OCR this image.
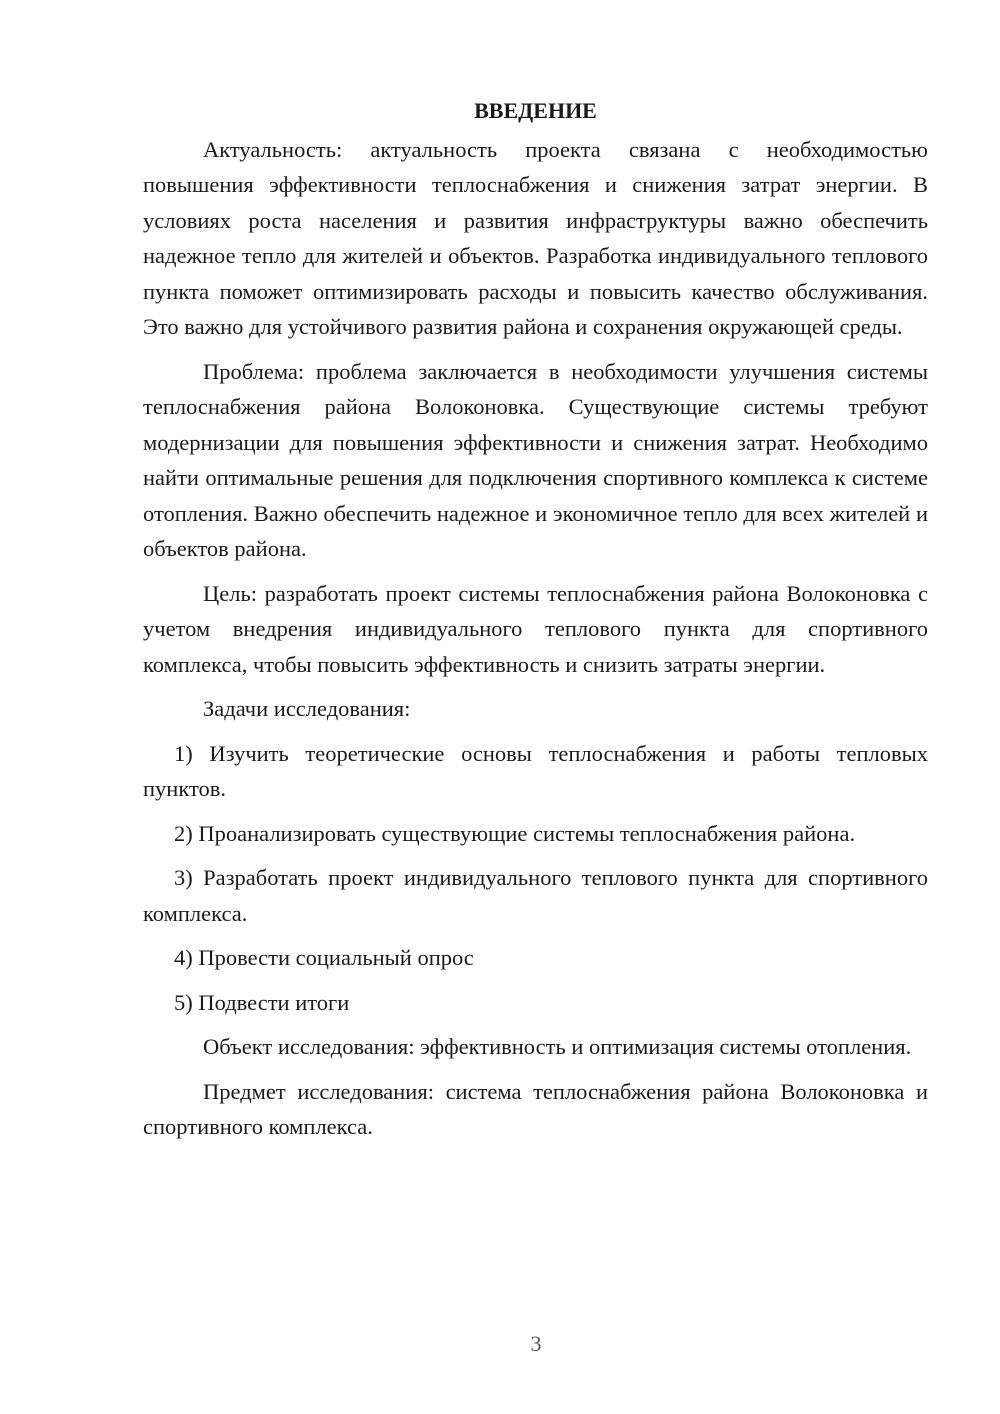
ВВЕДЕНИЕ

Актуальность: актуальность проекта связана с необходимостью повышения эффективности теплоснабжения и снижения затрат энергии. В условиях роста населения и развития инфраструктуры важно обеспечить надежное тепло для жителей и объектов. Разработка индивидуального теплового пункта поможет оптимизировать расходы и повысить качество обслуживания. Это важно для устойчивого развития района и сохранения окружающей среды.

Проблема: проблема заключается в необходимости улучшения системы теплоснабжения района Волоконовка. Существующие системы требуют модернизации для повышения эффективности и снижения затрат. Необходимо найти оптимальные решения для подключения спортивного комплекса к системе отопления. Важно обеспечить надежное и экономичное тепло для всех жителей и объектов района.

Цель: разработать проект системы теплоснабжения района Волоконовка с учетом внедрения индивидуального теплового пункта для спортивного комплекса, чтобы повысить эффективность и снизить затраты энергии.

Задачи исследования:

1) Изучить теоретические основы теплоснабжения и работы тепловых пунктов.

2) Проанализировать существующие системы теплоснабжения района.

3) Разработать проект индивидуального теплового пункта для спортивного комплекса.

4) Провести социальный опрос

5) Подвести итоги

Объект исследования: эффективность и оптимизация системы отопления.

Предмет исследования: система теплоснабжения района Волоконовка и спортивного комплекса.

3
